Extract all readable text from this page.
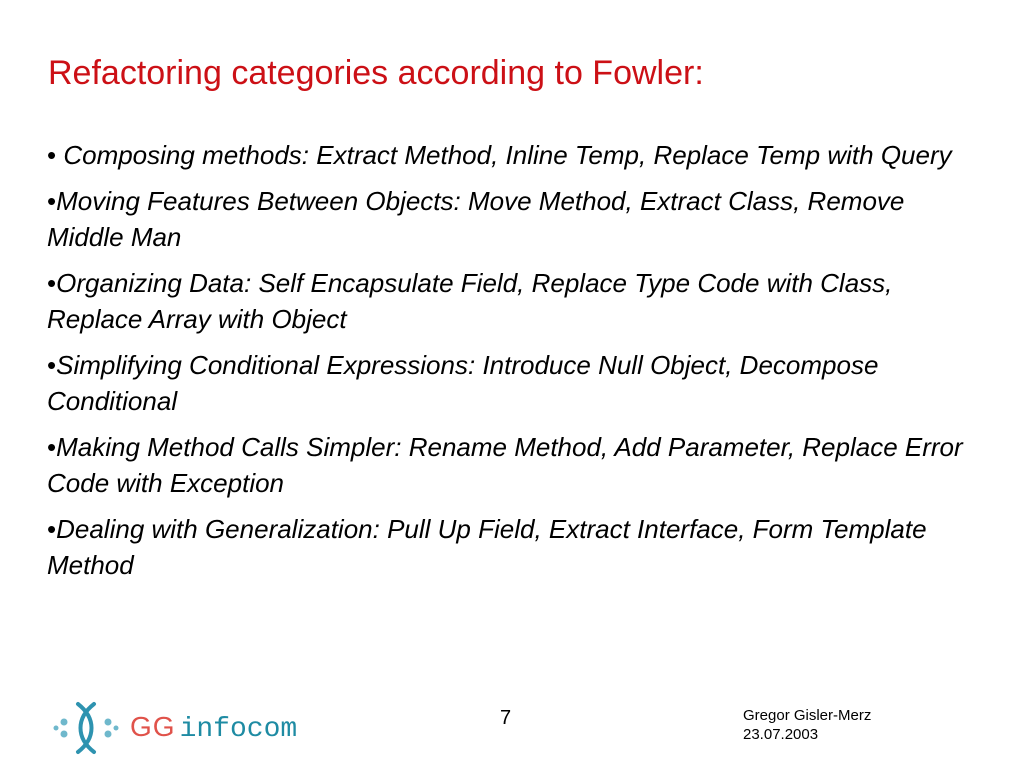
Refactoring categories according to Fowler:
• Composing methods: Extract Method, Inline Temp, Replace Temp with Query
•Moving Features Between Objects: Move Method, Extract Class, Remove Middle Man
•Organizing Data: Self Encapsulate Field, Replace Type Code with Class, Replace Array with Object
•Simplifying Conditional Expressions: Introduce Null Object, Decompose Conditional
•Making Method Calls Simpler: Rename Method, Add Parameter, Replace Error Code with Exception
•Dealing with Generalization: Pull Up Field, Extract Interface, Form Template Method
GG infocom	7	Gregor Gisler-Merz
23.07.2003
